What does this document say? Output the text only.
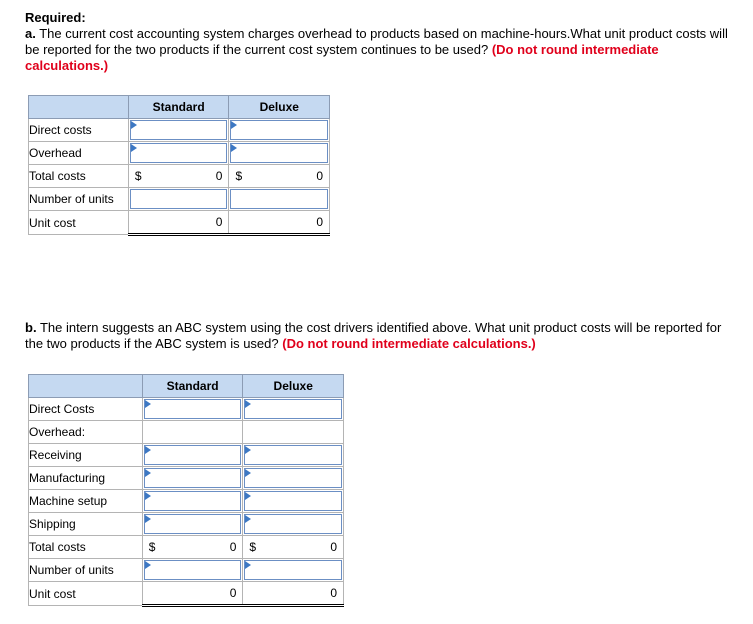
Required:
a. The current cost accounting system charges overhead to products based on machine-hours.What unit product costs will be reported for the two products if the current cost system continues to be used? (Do not round intermediate calculations.)
	Standard	Deluxe
Direct costs	

Overhead	

Total costs	$ 0	$ 0

Number of units	

Unit cost	0	0
b. The intern suggests an ABC system using the cost drivers identified above. What unit product costs will be reported for the two products if the ABC system is used? (Do not round intermediate calculations.)
	Standard	Deluxe
Direct Costs	

Overhead:		
Receiving	

Manufacturing	

Machine setup	

Shipping	

Total costs	$ 0	$ 0

Number of units	

Unit cost	0	0
